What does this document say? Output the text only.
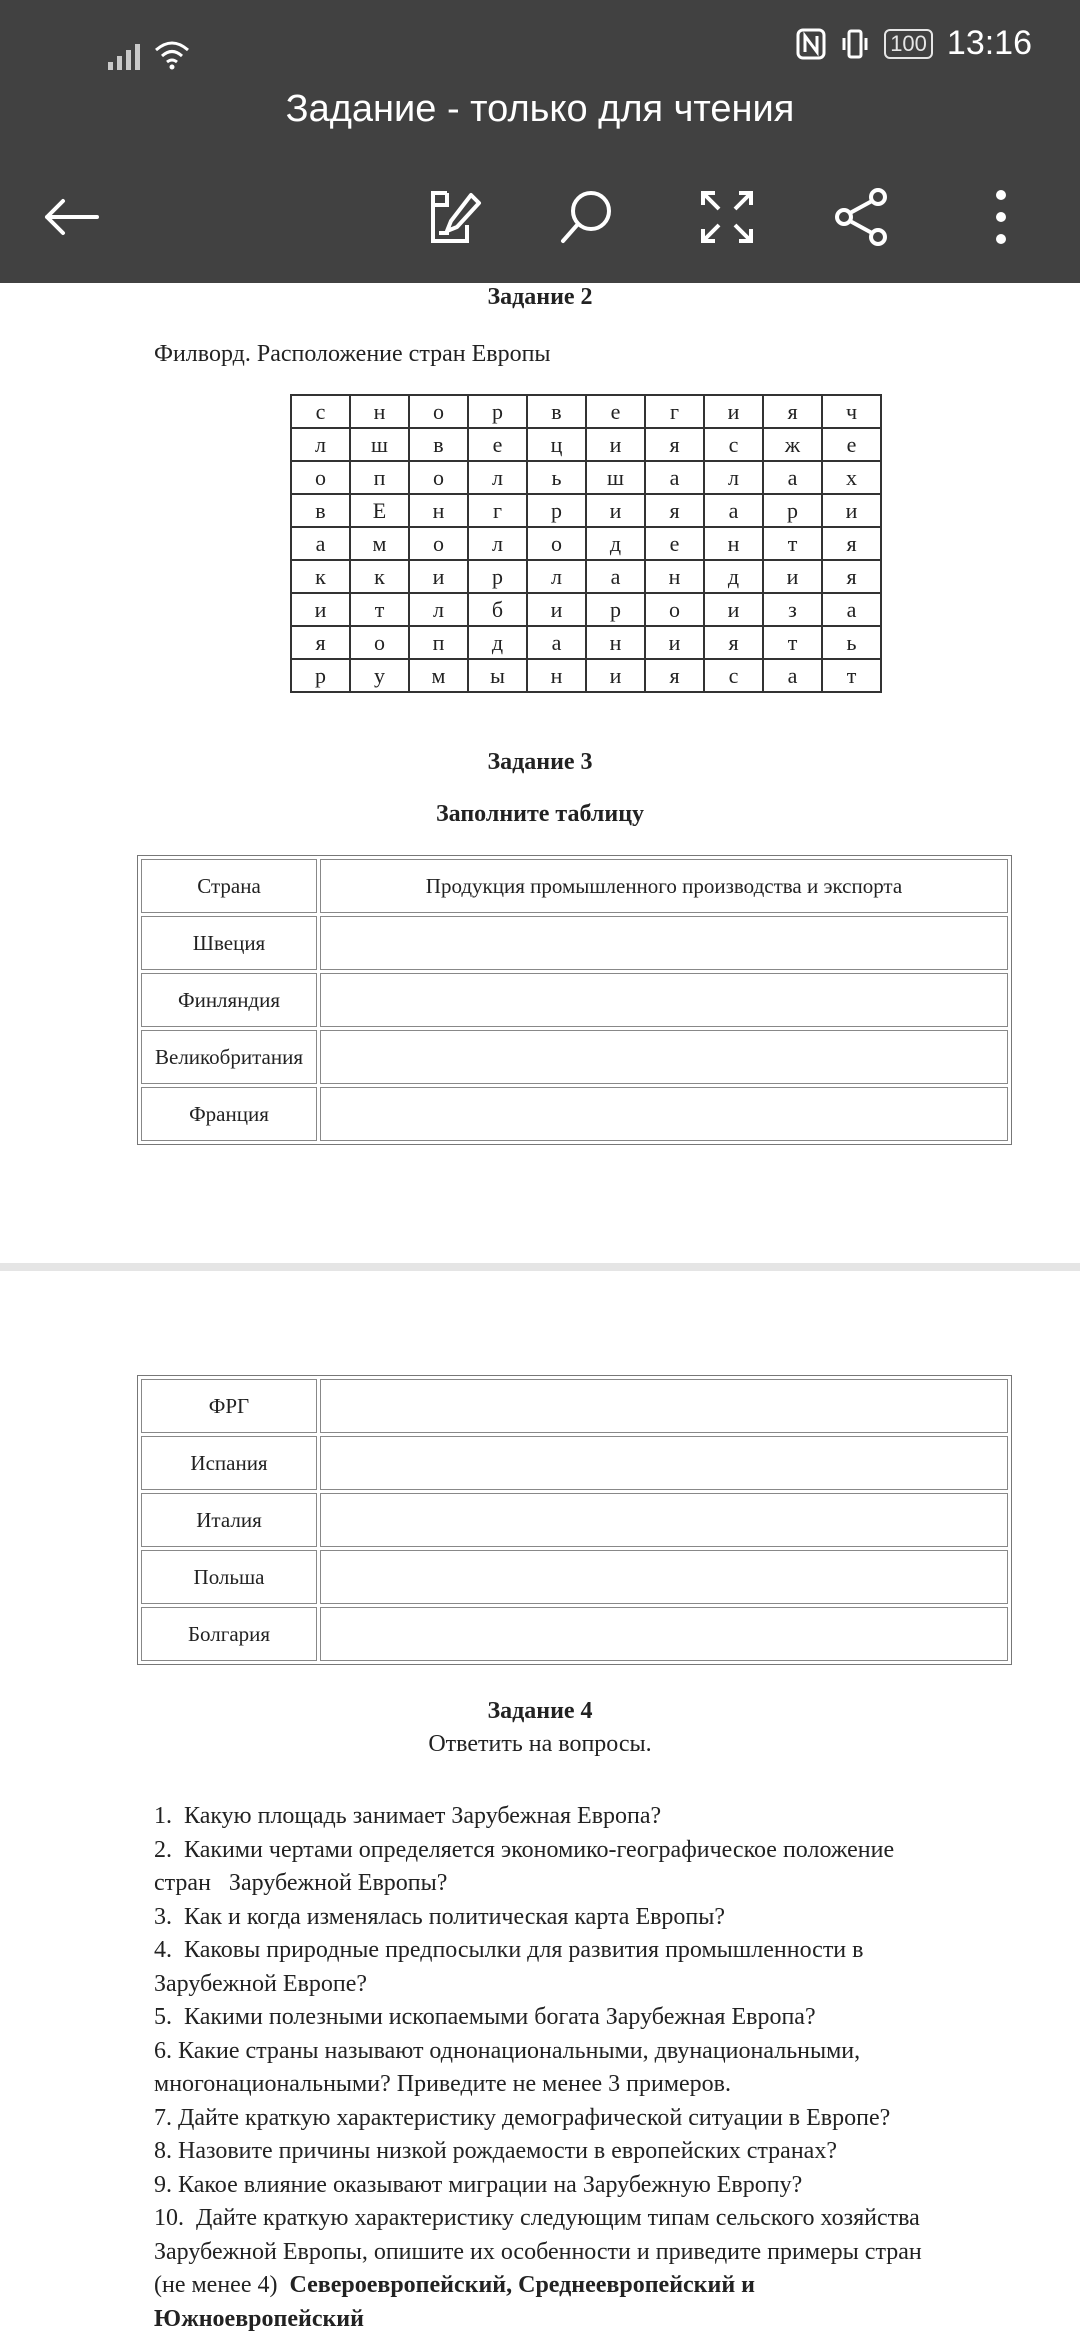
100 13:16
Задание - только для чтения
Задание 2
Филворд. Расположение стран Европы
с	н	о	р	в	е	г	и	я	ч
л	ш	в	е	ц	и	я	с	ж	е
о	п	о	л	ь	ш	а	л	а	х
в	Е	н	г	р	и	я	а	р	и
а	м	о	л	о	д	е	н	т	я
к	к	и	р	л	а	н	д	и	я
и	т	л	б	и	р	о	и	з	а
я	о	п	д	а	н	и	я	т	ь
р	у	м	ы	н	и	я	с	а	т
Задание 3
Заполните таблицу
Страна	Продукция промышленного производства и экспорта
Швеция	
Финляндия	
Великобритания	
Франция	
ФРГ	
Испания	
Италия	
Польша	
Болгария	
Задание 4
Ответить на вопросы.
1.  Какую площадь занимает Зарубежная Европа?
2.  Какими чертами определяется экономико-географическое положение
стран   Зарубежной Европы?
3.  Как и когда изменялась политическая карта Европы?
4.  Каковы природные предпосылки для развития промышленности в
Зарубежной Европе?
5.  Какими полезными ископаемыми богата Зарубежная Европа?
6. Какие страны называют однонациональными, двунациональными,
многонациональными? Приведите не менее 3 примеров.
7. Дайте краткую характеристику демографической ситуации в Европе?
8. Назовите причины низкой рождаемости в европейских странах?
9. Какое влияние оказывают миграции на Зарубежную Европу?
10.  Дайте краткую характеристику следующим типам сельского хозяйства
Зарубежной Европы, опишите их особенности и приведите примеры стран
(не менее 4)  Североевропейский, Среднеевропейский и
Южноевропейский
